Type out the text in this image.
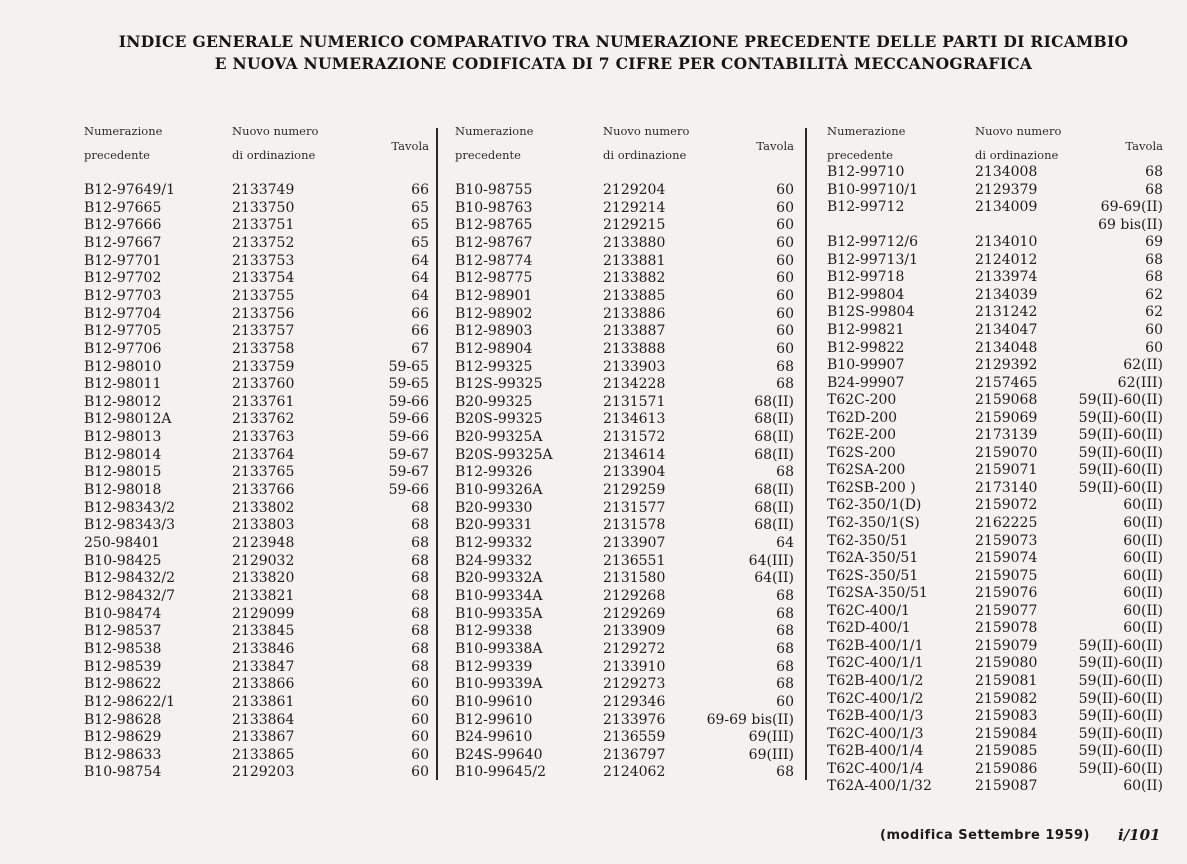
INDICE GENERALE NUMERICO COMPARATIVO TRA NUMERAZIONE PRECEDENTE DELLE PARTI DI RICAMBIO
E NUOVA NUMERAZIONE CODIFICATA DI 7 CIFRE PER CONTABILITÀ MECCANOGRAFICA
Numerazione

precedente
Nuovo numero

di ordinazione
Tavola
B12-97649/1	2133749	66
B12-97665	2133750	65
B12-97666	2133751	65
B12-97667	2133752	65
B12-97701	2133753	64
B12-97702	2133754	64
B12-97703	2133755	64
B12-97704	2133756	66
B12-97705	2133757	66
B12-97706	2133758	67
B12-98010	2133759	59-65
B12-98011	2133760	59-65
B12-98012	2133761	59-66
B12-98012A	2133762	59-66
B12-98013	2133763	59-66
B12-98014	2133764	59-67
B12-98015	2133765	59-67
B12-98018	2133766	59-66
B12-98343/2	2133802	68
B12-98343/3	2133803	68
250-98401	2123948	68
B10-98425	2129032	68
B12-98432/2	2133820	68
B12-98432/7	2133821	68
B10-98474	2129099	68
B12-98537	2133845	68
B12-98538	2133846	68
B12-98539	2133847	68
B12-98622	2133866	60
B12-98622/1	2133861	60
B12-98628	2133864	60
B12-98629	2133867	60
B12-98633	2133865	60
B10-98754	2129203	60
Numerazione

precedente
Nuovo numero

di ordinazione
Tavola
B10-98755	2129204	60
B10-98763	2129214	60
B12-98765	2129215	60
B12-98767	2133880	60
B12-98774	2133881	60
B12-98775	2133882	60
B12-98901	2133885	60
B12-98902	2133886	60
B12-98903	2133887	60
B12-98904	2133888	60
B12-99325	2133903	68
B12S-99325	2134228	68
B20-99325	2131571	68(II)
B20S-99325	2134613	68(II)
B20-99325A	2131572	68(II)
B20S-99325A	2134614	68(II)
B12-99326	2133904	68
B10-99326A	2129259	68(II)
B20-99330	2131577	68(II)
B20-99331	2131578	68(II)
B12-99332	2133907	64
B24-99332	2136551	64(III)
B20-99332A	2131580	64(II)
B10-99334A	2129268	68
B10-99335A	2129269	68
B12-99338	2133909	68
B10-99338A	2129272	68
B12-99339	2133910	68
B10-99339A	2129273	68
B10-99610	2129346	60
B12-99610	2133976	69-69 bis(II)
B24-99610	2136559	69(III)
B24S-99640	2136797	69(III)
B10-99645/2	2124062	68
Numerazione

precedente
Nuovo numero

di ordinazione
Tavola
B12-99710	2134008	68
B10-99710/1	2129379	68
B12-99712	2134009	69-69(II)
69 bis(II)
B12-99712/6	2134010	69
B12-99713/1	2124012	68
B12-99718	2133974	68
B12-99804	2134039	62
B12S-99804	2131242	62
B12-99821	2134047	60
B12-99822	2134048	60
B10-99907	2129392	62(II)
B24-99907	2157465	62(III)
T62C-200	2159068	59(II)-60(II)
T62D-200	2159069	59(II)-60(II)
T62E-200	2173139	59(II)-60(II)
T62S-200	2159070	59(II)-60(II)
T62SA-200	2159071	59(II)-60(II)
T62SB-200 )	2173140	59(II)-60(II)
T62-350/1(D)	2159072	60(II)
T62-350/1(S)	2162225	60(II)
T62-350/51	2159073	60(II)
T62A-350/51	2159074	60(II)
T62S-350/51	2159075	60(II)
T62SA-350/51	2159076	60(II)
T62C-400/1	2159077	60(II)
T62D-400/1	2159078	60(II)
T62B-400/1/1	2159079	59(II)-60(II)
T62C-400/1/1	2159080	59(II)-60(II)
T62B-400/1/2	2159081	59(II)-60(II)
T62C-400/1/2	2159082	59(II)-60(II)
T62B-400/1/3	2159083	59(II)-60(II)
T62C-400/1/3	2159084	59(II)-60(II)
T62B-400/1/4	2159085	59(II)-60(II)
T62C-400/1/4	2159086	59(II)-60(II)
T62A-400/1/32	2159087	60(II)
(modifica Settembre 1959) i/101
